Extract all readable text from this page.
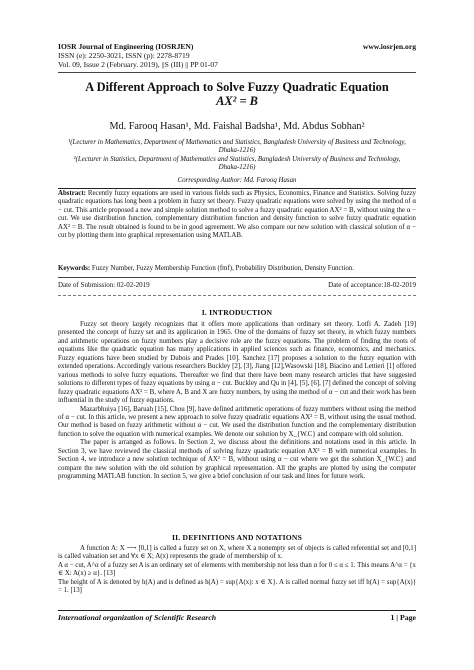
IOSR Journal of Engineering (IOSRJEN)	www.iosrjen.org
ISSN (e): 2250-3021, ISSN (p): 2278-8719
Vol. 09, Issue 2 (February. 2019), ||S (III) || PP 01-07
A Different Approach to Solve Fuzzy Quadratic Equation
AX² = B
Md. Farooq Hasan¹, Md. Faishal Badsha¹, Md. Abdus Sobhan²
¹(Lecturer in Mathematics, Department of Mathematics and Statistics, Bangladesh University of Business and Technology, Dhaka-1216)
²(Lecturer in Statistics, Department of Mathematics and Statistics, Bangladesh University of Business and Technology, Dhaka-1216)
Corresponding Author: Md. Farooq Hasan
Abstract: Recently fuzzy equations are used in various fields such as Physics, Economics, Finance and Statistics. Solving fuzzy quadratic equations has long been a problem in fuzzy set theory. Fuzzy quadratic equations were solved by using the method of α − cut. This article proposed a new and simple solution method to solve a fuzzy quadratic equation AX² = B, without using the α − cut. We use distribution function, complementary distribution function and density function to solve fuzzy quadratic equation AX² = B. The result obtained is found to be in good agreement. We also compare our new solution with classical solution of α − cut by plotting them into graphical representation using MATLAB.
Keywords: Fuzzy Number, Fuzzy Membership Function (fmf), Probability Distribution, Density Function.
Date of Submission: 02-02-2019	Date of acceptance:18-02-2019
I. INTRODUCTION

Fuzzy set theory largely recognizes that it offers more applications than ordinary set theory. Lotfi A. Zadeh [19] presented the concept of fuzzy set and its application in 1965. One of the domains of fuzzy set theory, in which fuzzy numbers and arithmetic operations on fuzzy numbers play a decisive role are the fuzzy equations. The problem of finding the roots of equations like the quadratic equation has many applications in applied sciences such as finance, economics, and mechanics. Fuzzy equations have been studied by Dubois and Prades [10]. Sanchez [17] proposes a solution to the fuzzy equation with extended operations. Accordingly various researchers Buckley [2], [3], Jiang [12],Wasowski [18], Biacino and Lettieri [1] offered various methods to solve fuzzy equations. Thereafter we find that there have been many research articles that have suggested solutions to different types of fuzzy equations by using α − cut. Buckley and Qu in [4], [5], [6], [7] defined the concept of solving fuzzy quadratic equations AX² = B, where A, B and X are fuzzy numbers, by using the method of α − cut and their work has been influential in the study of fuzzy equations.

Mazarbhuiya [16], Baruah [15], Chou [9], have defined arithmetic operations of fuzzy numbers without using the method of α − cut. In this article, we present a new approach to solve fuzzy quadratic equations AX² = B, without using the usual method. Our method is based on fuzzy arithmetic without α − cut. We used the distribution function and the complementary distribution function to solve the equation with numerical examples. We denote our solution by X_{W.C} and compare with old solution.

The paper is arranged as follows. In Section 2, we discuss about the definitions and notations used in this article. In Section 3, we have reviewed the classical methods of solving fuzzy quadratic equation AX² = B with numerical examples. In Section 4, we introduce a new solution technique of AX² = B, without using α − cut where we get the solution X_{W.C} and compare the new solution with the old solution by graphical representation. All the graphs are plotted by using the computer programming MATLAB function. In section 5, we give a brief conclusion of our task and lines for future work.

II. DEFINITIONS AND NOTATIONS

A function A: X ⟶ [0,1] is called a fuzzy set on X, where X a nonempty set of objects is called referential set and [0,1] is called valuation set and ∀x ∈ X; A(x) represents the grade of membership of x.

A α − cut, A^α of a fuzzy set A is an ordinary set of elements with membership not less than α for 0 ≤ α ≤ 1. This means A^α = {x ∈ X: A(x) ≥ α}. [13]

The height of A is denoted by h(A) and is defined as h(A) = sup{A(x): x ∈ X}. A is called normal fuzzy set iff h(A) = sup{A(x)} = 1. [13]

International organization of Scientific Research	1 | Page
